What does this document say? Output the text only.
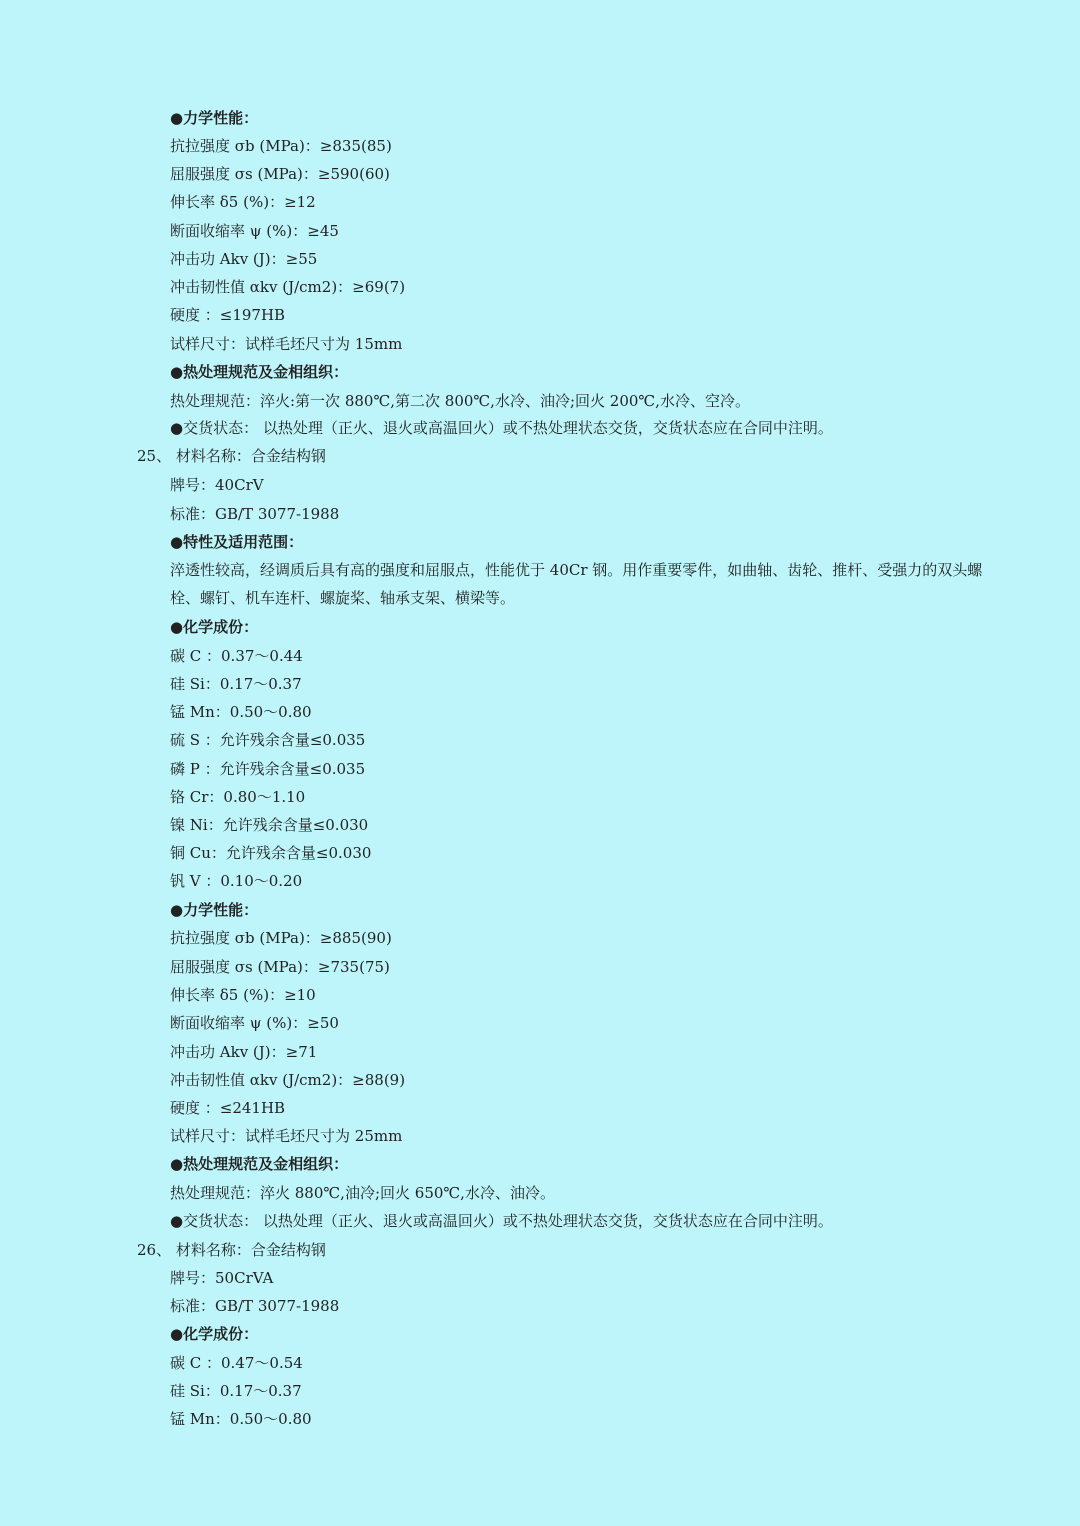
●力学性能：
抗拉强度 σb (MPa)：≥835(85)
屈服强度 σs (MPa)：≥590(60)
伸长率 δ5 (%)：≥12
断面收缩率 ψ (%)：≥45
冲击功 Akv (J)：≥55
冲击韧性值 αkv (J/cm2)：≥69(7)
硬度 ：≤197HB
试样尺寸：试样毛坯尺寸为 15mm
●热处理规范及金相组织：
热处理规范：淬火:第一次 880℃,第二次 800℃,水冷、油冷;回火 200℃,水冷、空冷。
●交货状态： 以热处理（正火、退火或高温回火）或不热处理状态交货，交货状态应在合同中注明。
25、 材料名称：合金结构钢
牌号：40CrV
标准：GB/T 3077-1988
●特性及适用范围：
淬透性较高，经调质后具有高的强度和屈服点，性能优于 40Cr 钢。用作重要零件，如曲轴、齿轮、推杆、受强力的双头螺栓、螺钉、机车连杆、螺旋桨、轴承支架、横梁等。
●化学成份：
碳 C ：0.37～0.44
硅 Si：0.17～0.37
锰 Mn：0.50～0.80
硫 S ：允许残余含量≤0.035
磷 P ：允许残余含量≤0.035
铬 Cr：0.80～1.10
镍 Ni：允许残余含量≤0.030
铜 Cu：允许残余含量≤0.030
钒 V ：0.10～0.20
●力学性能：
抗拉强度 σb (MPa)：≥885(90)
屈服强度 σs (MPa)：≥735(75)
伸长率 δ5 (%)：≥10
断面收缩率 ψ (%)：≥50
冲击功 Akv (J)：≥71
冲击韧性值 αkv (J/cm2)：≥88(9)
硬度 ：≤241HB
试样尺寸：试样毛坯尺寸为 25mm
●热处理规范及金相组织：
热处理规范：淬火 880℃,油冷;回火 650℃,水冷、油冷。
●交货状态： 以热处理（正火、退火或高温回火）或不热处理状态交货，交货状态应在合同中注明。
26、 材料名称：合金结构钢
牌号：50CrVA
标准：GB/T 3077-1988
●化学成份：
碳 C ：0.47～0.54
硅 Si：0.17～0.37
锰 Mn：0.50～0.80
